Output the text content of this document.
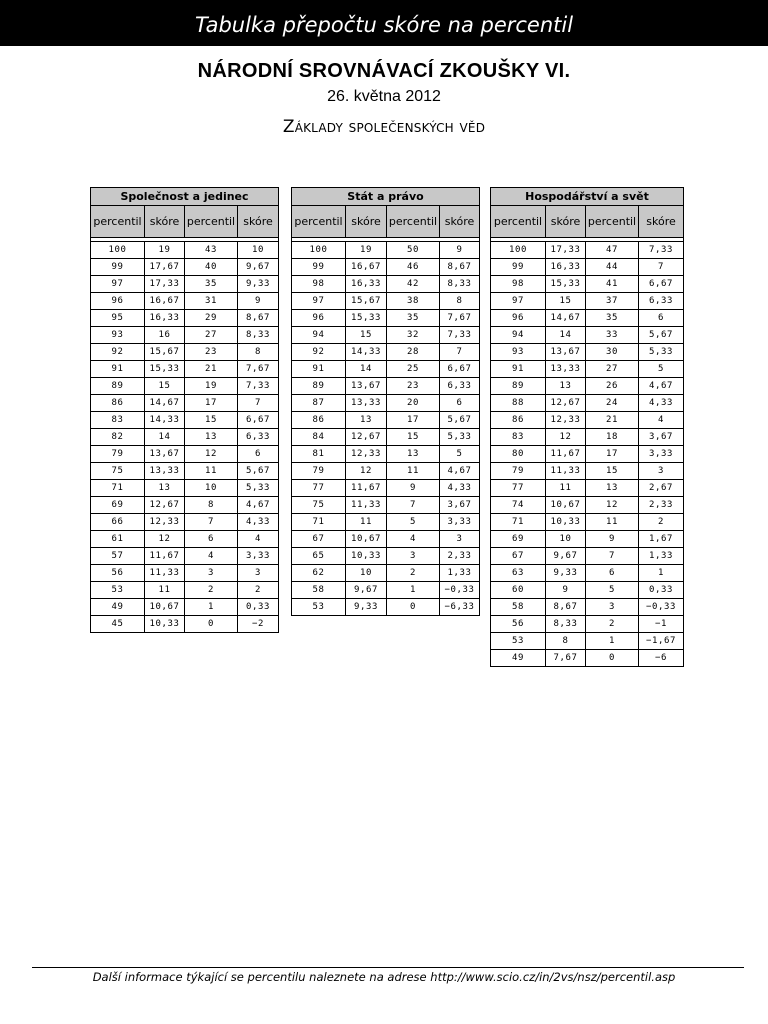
Tabulka přepočtu skóre na percentil
NÁRODNÍ SROVNÁVACÍ ZKOUŠKY VI.
26. května 2012
Základy společenských věd
Společnost a jedinec			
percentil	skóre	percentil	skóre

100	19	43	10
99	17,67	40	9,67
97	17,33	35	9,33
96	16,67	31	9
95	16,33	29	8,67
93	16	27	8,33
92	15,67	23	8
91	15,33	21	7,67
89	15	19	7,33
86	14,67	17	7
83	14,33	15	6,67
82	14	13	6,33
79	13,67	12	6
75	13,33	11	5,67
71	13	10	5,33
69	12,67	8	4,67
66	12,33	7	4,33
61	12	6	4
57	11,67	4	3,33
56	11,33	3	3
53	11	2	2
49	10,67	1	0,33
45	10,33	0	−2
Stát a právo			
percentil	skóre	percentil	skóre

100	19	50	9
99	16,67	46	8,67
98	16,33	42	8,33
97	15,67	38	8
96	15,33	35	7,67
94	15	32	7,33
92	14,33	28	7
91	14	25	6,67
89	13,67	23	6,33
87	13,33	20	6
86	13	17	5,67
84	12,67	15	5,33
81	12,33	13	5
79	12	11	4,67
77	11,67	9	4,33
75	11,33	7	3,67
71	11	5	3,33
67	10,67	4	3
65	10,33	3	2,33
62	10	2	1,33
58	9,67	1	−0,33
53	9,33	0	−6,33
Hospodářství a svět			
percentil	skóre	percentil	skóre

100	17,33	47	7,33
99	16,33	44	7
98	15,33	41	6,67
97	15	37	6,33
96	14,67	35	6
94	14	33	5,67
93	13,67	30	5,33
91	13,33	27	5
89	13	26	4,67
88	12,67	24	4,33
86	12,33	21	4
83	12	18	3,67
80	11,67	17	3,33
79	11,33	15	3
77	11	13	2,67
74	10,67	12	2,33
71	10,33	11	2
69	10	9	1,67
67	9,67	7	1,33
63	9,33	6	1
60	9	5	0,33
58	8,67	3	−0,33
56	8,33	2	−1
53	8	1	−1,67
49	7,67	0	−6
Další informace týkající se percentilu naleznete na adrese http://www.scio.cz/in/2vs/nsz/percentil.asp
